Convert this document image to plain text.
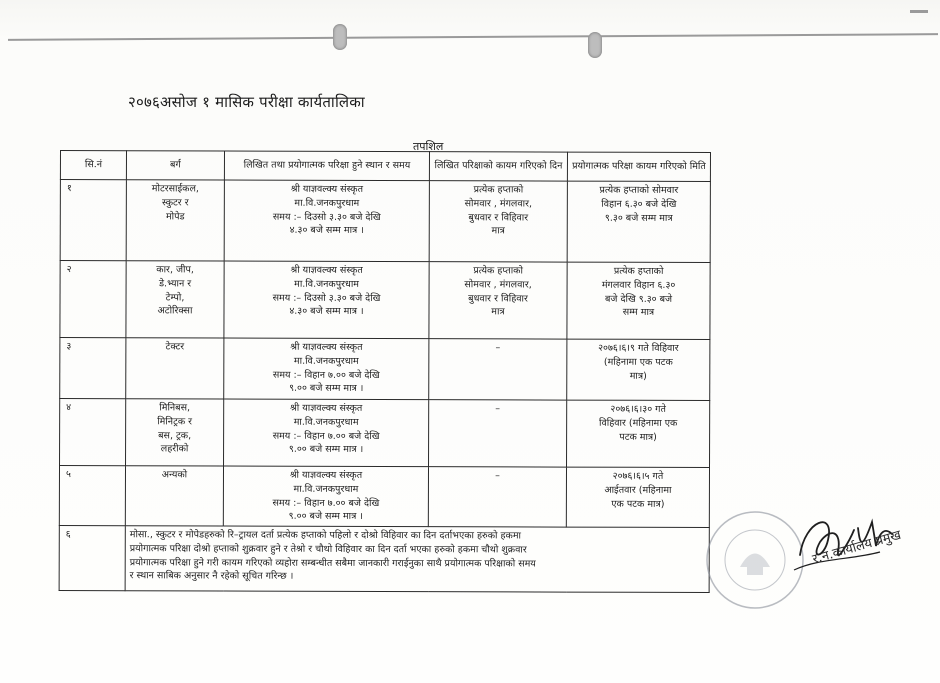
२०७६असोज १ मासिक परीक्षा कार्यतालिका
तपशिल
सि.नं	बर्ग	लिखित तथा प्रयोगात्मक परिक्षा हुने स्थान र समय	लिखित परिक्षाको कायम गरिएको दिन	प्रयोगात्मक परिक्षा कायम गरिएको मिति
१	मोटरसाईकल,
स्कुटर र
मोपेड	श्री याज्ञवल्क्य संस्कृत
मा.वि.जनकपुरधाम
समय :– दिउसो ३.३० बजे देखि
४.३० बजे सम्म मात्र ।	प्रत्येक हप्ताको
सोमवार , मंगलवार,
बुधवार र विहिवार
मात्र	प्रत्येक हप्ताको सोमवार
विहान ६.३० बजे देखि
९.३० बजे सम्म मात्र

२	कार, जीप,
डे.भ्यान र
टेम्पो,
अटोरिक्सा	श्री याज्ञवल्क्य संस्कृत
मा.वि.जनकपुरधाम
समय :– दिउसो ३.३० बजे देखि
४.३० बजे सम्म मात्र ।	प्रत्येक हप्ताको
सोमवार , मंगलवार,
बुधवार र विहिवार
मात्र	प्रत्येक हप्ताको
मंगलवार विहान ६.३०
बजे देखि ९.३० बजे
सम्म मात्र

३	टेक्टर	श्री याज्ञवल्क्य संस्कृत
मा.वि.जनकपुरधाम
समय :– विहान ७.०० बजे देखि
९.०० बजे सम्म मात्र ।	–	२०७६।६।९ गते विहिवार
(महिनामा एक पटक
मात्र)

४	मिनिबस,
मिनिट्रक र
बस, ट्रक,
लहरीको	श्री याज्ञवल्क्य संस्कृत
मा.वि.जनकपुरधाम
समय :– विहान ७.०० बजे देखि
९.०० बजे सम्म मात्र ।	–	२०७६।६।३० गते
विहिवार (महिनामा एक
पटक मात्र)

५	अन्यको	श्री याज्ञवल्क्य संस्कृत
मा.वि.जनकपुरधाम
समय :– विहान ७.०० बजे देखि
९.०० बजे सम्म मात्र ।	–	२०७६।६।५ गते
आईतवार (महिनामा
एक पटक मात्र)

६	मोसा., स्कुटर र मोपेडहरुको रि–ट्रायल दर्ता प्रत्येक हप्ताको पहिलो र दोश्रो विहिवार का दिन दर्ताभएका हरुको हकमा
प्रयोगात्मक परिक्षा दोश्रो हप्ताको शुक्रवार हुने र तेश्रो र चौथो विहिवार का दिन दर्ता भएका हरुको हकमा चौथो शुक्रवार
प्रयोगात्मक परिक्षा हुने गरी कायम गरिएको व्यहोरा सम्बन्धीत सबैमा जानकारी गराईनुका साथै प्रयोगात्मक परिक्षाको समय
र स्थान साबिक अनुसार नै रहेको सूचित गरिन्छ ।			
र.न.कार्यालय प्रमुख
